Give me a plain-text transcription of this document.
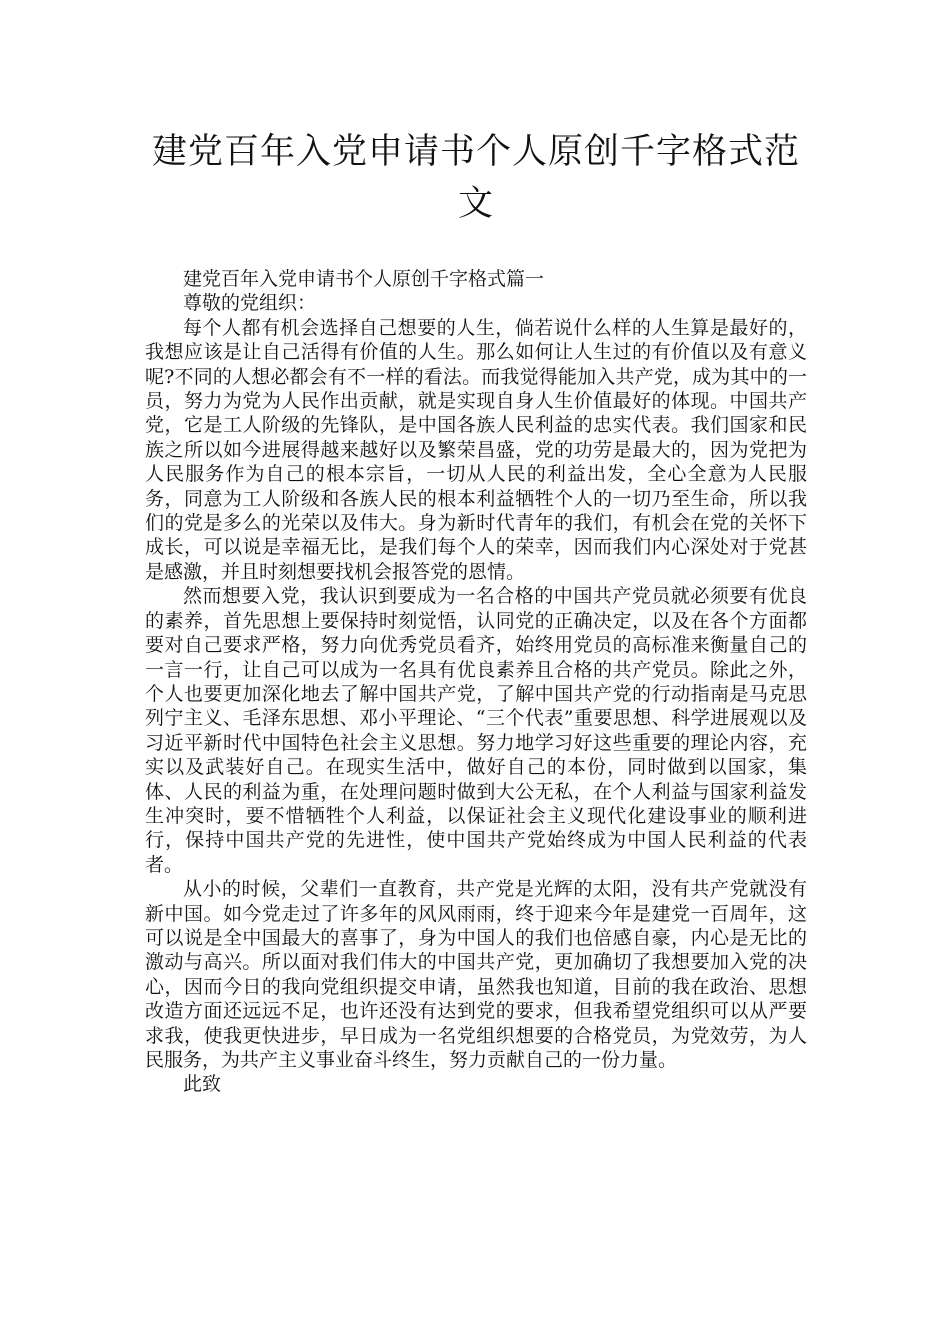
建党百年入党申请书个人原创千字格式范文

建党百年入党申请书个人原创千字格式篇一

尊敬的党组织：

每个人都有机会选择自己想要的人生，倘若说什么样的人生算是最好的，我想应该是让自己活得有价值的人生。那么如何让人生过的有价值以及有意义呢?不同的人想必都会有不一样的看法。而我觉得能加入共产党，成为其中的一员，努力为党为人民作出贡献，就是实现自身人生价值最好的体现。中国共产党，它是工人阶级的先锋队，是中国各族人民利益的忠实代表。我们国家和民族之所以如今进展得越来越好以及繁荣昌盛，党的功劳是最大的，因为党把为人民服务作为自己的根本宗旨，一切从人民的利益出发，全心全意为人民服务，同意为工人阶级和各族人民的根本利益牺牲个人的一切乃至生命，所以我们的党是多么的光荣以及伟大。身为新时代青年的我们，有机会在党的关怀下成长，可以说是幸福无比，是我们每个人的荣幸，因而我们内心深处对于党甚是感激，并且时刻想要找机会报答党的恩情。

然而想要入党，我认识到要成为一名合格的中国共产党员就必须要有优良的素养，首先思想上要保持时刻觉悟，认同党的正确决定，以及在各个方面都要对自己要求严格，努力向优秀党员看齐，始终用党员的高标准来衡量自己的一言一行，让自己可以成为一名具有优良素养且合格的共产党员。除此之外，个人也要更加深化地去了解中国共产党，了解中国共产党的行动指南是马克思列宁主义、毛泽东思想、邓小平理论、“三个代表”重要思想、科学进展观以及习近平新时代中国特色社会主义思想。努力地学习好这些重要的理论内容，充实以及武装好自己。在现实生活中，做好自己的本份，同时做到以国家，集体、人民的利益为重，在处理问题时做到大公无私，在个人利益与国家利益发生冲突时，要不惜牺牲个人利益，以保证社会主义现代化建设事业的顺利进行，保持中国共产党的先进性，使中国共产党始终成为中国人民利益的代表者。

从小的时候，父辈们一直教育，共产党是光辉的太阳，没有共产党就没有新中国。如今党走过了许多年的风风雨雨，终于迎来今年是建党一百周年，这可以说是全中国最大的喜事了，身为中国人的我们也倍感自豪，内心是无比的激动与高兴。所以面对我们伟大的中国共产党，更加确切了我想要加入党的决心，因而今日的我向党组织提交申请，虽然我也知道，目前的我在政治、思想改造方面还远远不足，也许还没有达到党的要求，但我希望党组织可以从严要求我，使我更快进步，早日成为一名党组织想要的合格党员，为党效劳，为人民服务，为共产主义事业奋斗终生，努力贡献自己的一份力量。

此致
